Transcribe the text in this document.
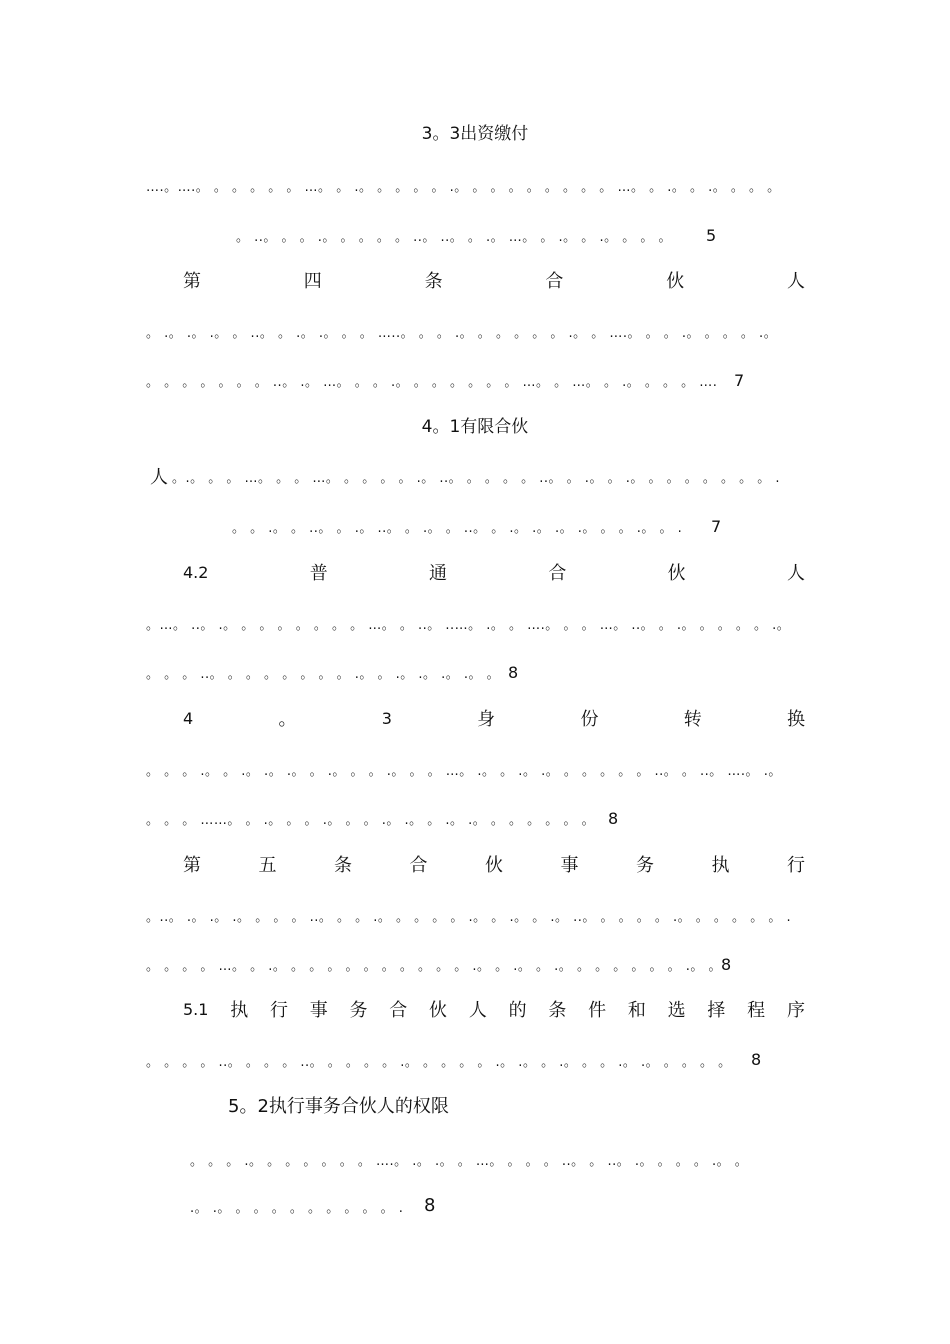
3。3出资缴付
….。….。 。 。 。 。 。 …。 。 .。 。 。 。 。 .。 。 。 。 。 。 。 。 。 …。 。 .。 。 .。 。 。 。
。 ..。 。 。 .。 。 。 。 。 ..。 ..。 。 .。 …。 。 .。 。 .。 。 。 。 5
第	四	条	合	伙	人
。 .。 .。 .。 。 ..。 。 .。 .。 。 。 …..。 。 。 .。 。 。 。 。 。 .。 。 ….。 。 。 .。 。 。 。 .。
。 。 。 。 。 。 。 ..。 .。 …。 。 。 .。 。 。 。 。 。 。 …。 。 …。 。 .。 。 。 。 …. 7
4。1有限合伙
人 。.。 。 。 …。 。 。 …。 。 。 。 。 .。 ..。 。 。 。 。 ..。 。 .。 。 .。 。 。 。 。 。 。 。 .
。 。 .。 。 ..。 。 .。 ..。 。 .。 。 ..。 。 .。 .。 .。 .。 。 。 .。 。 . 7
4.2	普	通	合	伙	人
。…。 ..。 .。 。 。 。 。 。 。 。 …。 。 ..。 ..…。 .。 。 ….。 。 。 …。 ..。 。 .。 。 。 。 。 .。
。 。 。 ..。 。 。 。 。 。 。 。 .。 。 .。 .。 .。 .。 。 8
4	。	3	身	份	转	换
。 。 。 .。 。 .。 .。 .。 。 .。 。 。 .。 。 。 …。 .。 。 .。 .。 。 。 。 。 。 ..。 。 ..。 ….。 .。
。 。 。 ……。 。 .。 。 。 .。 。 。 .。 .。 。 .。 .。 。 。 。 。 。 。 8
第	五	条	合	伙	事	务	执	行
。..。 .。 .。 .。 。 。 。 ..。 。 。 .。 。 。 。 。 .。 。 .。 。 .。 ..。 。 。 。 。 .。 。 。 。 。 。 .
。 。 。 。 …。 。 .。 。 。 。 。 。 。 。 。 。 。 .。 。 .。 。 .。 。 。 。 。 。 。 .。 。 8
5.1 执 行 事 务 合 伙 人 的 条 件 和 选 择 程 序
。 。 。 。 ..。 。 。 。 ..。 。 。 。 。 .。 。 。 。 。 .。 .。 。 .。 。 。 .。 .。 。 。 。 。 8
5。2执行事务合伙人的权限
。 。 。 .。 。 。 。 。 。 。 ….。 .。 .。 。 …。 。 。 。 ..。 。 ..。 .。 。 。 。 .。 。
.。 .。 。 。 。 。 。 。 。 。 。 . 8
